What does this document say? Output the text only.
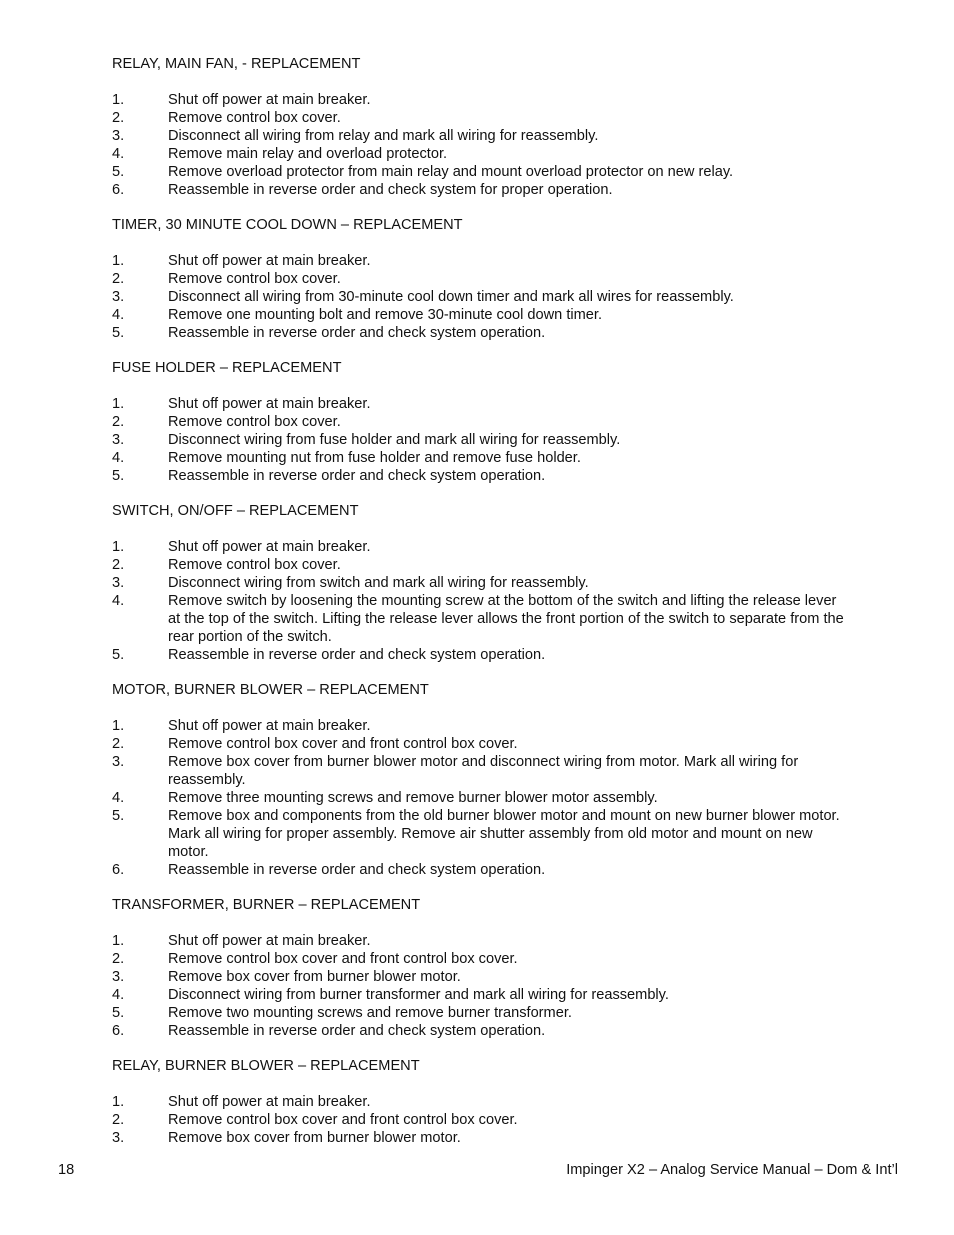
RELAY, MAIN FAN, - REPLACEMENT

1.	Shut off power at main breaker.
2.	Remove control box cover.
3.	Disconnect all wiring from relay and mark all wiring for reassembly.
4.	Remove main relay and overload protector.
5.	Remove overload protector from main relay and mount overload protector on new relay.
6.	Reassemble in reverse order and check system for proper operation.

TIMER, 30 MINUTE COOL DOWN – REPLACEMENT

1.	Shut off power at main breaker.
2.	Remove control box cover.
3.	Disconnect all wiring from 30-minute cool down timer and mark all wires for reassembly.
4.	Remove one mounting bolt and remove 30-minute cool down timer.
5.	Reassemble in reverse order and check system operation.

FUSE HOLDER – REPLACEMENT

1.	Shut off power at main breaker.
2.	Remove control box cover.
3.	Disconnect wiring from fuse holder and mark all wiring for reassembly.
4.	Remove mounting nut from fuse holder and remove fuse holder.
5.	Reassemble in reverse order and check system operation.

SWITCH, ON/OFF – REPLACEMENT

1.	Shut off power at main breaker.
2.	Remove control box cover.
3.	Disconnect wiring from switch and mark all wiring for reassembly.
4.	Remove switch by loosening the mounting screw at the bottom of the switch and lifting the release lever at the top of the switch. Lifting the release lever allows the front portion of the switch to separate from the rear portion of the switch.
5.	Reassemble in reverse order and check system operation.

MOTOR, BURNER BLOWER – REPLACEMENT

1.	Shut off power at main breaker.
2.	Remove control box cover and front control box cover.
3.	Remove box cover from burner blower motor and disconnect wiring from motor. Mark all wiring for reassembly.
4.	Remove three mounting screws and remove burner blower motor assembly.
5.	Remove box and components from the old burner blower motor and mount on new burner blower motor. Mark all wiring for proper assembly. Remove air shutter assembly from old motor and mount on new motor.
6.	Reassemble in reverse order and check system operation.

TRANSFORMER, BURNER – REPLACEMENT

1.	Shut off power at main breaker.
2.	Remove control box cover and front control box cover.
3.	Remove box cover from burner blower motor.
4.	Disconnect wiring from burner transformer and mark all wiring for reassembly.
5.	Remove two mounting screws and remove burner transformer.
6.	Reassemble in reverse order and check system operation.

RELAY, BURNER BLOWER – REPLACEMENT

1.	Shut off power at main breaker.
2.	Remove control box cover and front control box cover.
3.	Remove box cover from burner blower motor.
18	Impinger X2 – Analog Service Manual – Dom & Int’l
